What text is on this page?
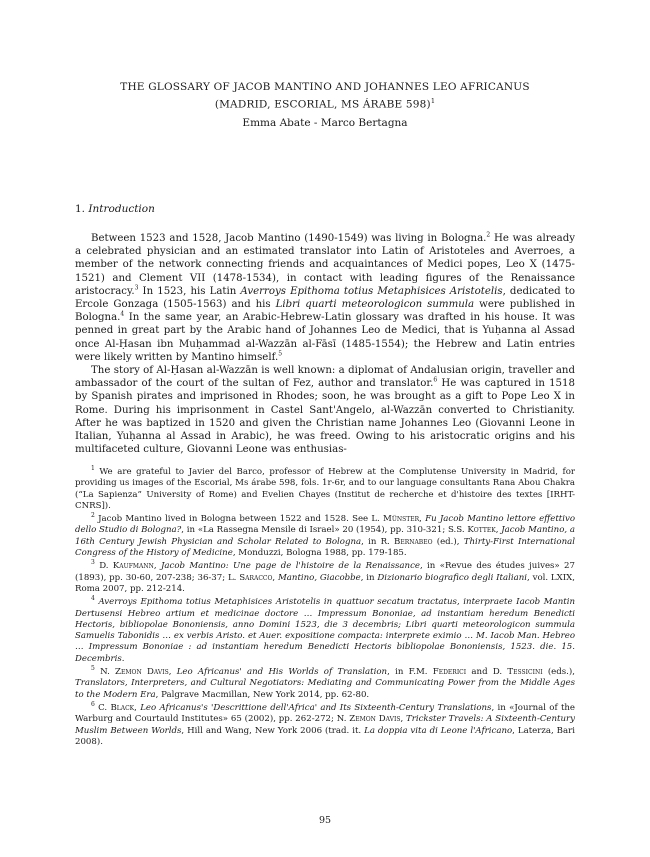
THE GLOSSARY OF JACOB MANTINO AND JOHANNES LEO AFRICANUS
(MADRID, ESCORIAL, MS ÁRABE 598)$^1$
Emma Abate - Marco Bertagna
1. Introduction

Between 1523 and 1528, Jacob Mantino (1490-1549) was living in Bologna.$^2$ He was already a celebrated physician and an estimated translator into Latin of Aristoteles and Averroes, a member of the network connecting friends and acquaintances of Medici popes, Leo X (1475-1521) and Clement VII (1478-1534), in contact with leading figures of the Renaissance aristocracy.$^3$ In 1523, his Latin Averroys Epithoma totius Metaphisices Aristotelis, dedicated to Ercole Gonzaga (1505-1563) and his Libri quarti meteorologicon summula were published in Bologna.$^4$ In the same year, an Arabic-Hebrew-Latin glossary was drafted in his house. It was penned in great part by the Arabic hand of Johannes Leo de Medici, that is Yuḥanna al Assad once Al-Ḥasan ibn Muḥammad al-Wazzān al-Fāsī (1485-1554); the Hebrew and Latin entries were likely written by Mantino himself.$^5$

The story of Al-Ḥasan al-Wazzān is well known: a diplomat of Andalusian origin, traveller and ambassador of the court of the sultan of Fez, author and translator.$^6$ He was captured in 1518 by Spanish pirates and imprisoned in Rhodes; soon, he was brought as a gift to Pope Leo X in Rome. During his imprisonment in Castel Sant'Angelo, al-Wazzān converted to Christianity. After he was baptized in 1520 and given the Christian name Johannes Leo (Giovanni Leone in Italian, Yuḥanna al Assad in Arabic), he was freed. Owing to his aristocratic origins and his multifaceted culture, Giovanni Leone was enthusias-

$^1$ We are grateful to Javier del Barco, professor of Hebrew at the Complutense University in Madrid, for providing us images of the Escorial, Ms árabe 598, fols. 1r-6r, and to our language consultants Rana Abou Chakra (“La Sapienza” University of Rome) and Evelien Chayes (Institut de recherche et d'histoire des textes [IRHT-CNRS]).

$^2$ Jacob Mantino lived in Bologna between 1522 and 1528. See L. Münster, Fu Jacob Mantino lettore effettivo dello Studio di Bologna?, in «La Rassegna Mensile di Israel» 20 (1954), pp. 310-321; S.S. Kottek, Jacob Mantino, a 16th Century Jewish Physician and Scholar Related to Bologna, in R. Bernabeo (ed.), Thirty-First International Congress of the History of Medicine, Monduzzi, Bologna 1988, pp. 179-185.

$^3$ D. Kaufmann, Jacob Mantino: Une page de l'histoire de la Renaissance, in «Revue des études juives» 27 (1893), pp. 30-60, 207-238; 36-37; L. Saracco, Mantino, Giacobbe, in Dizionario biografico degli Italiani, vol. LXIX, Roma 2007, pp. 212-214.

$^4$ Averroys Epithoma totius Metaphisices Aristotelis in quattuor secatum tractatus, interpraete Iacob Mantin Dertusensi Hebreo artium et medicinae doctore … Impressum Bononiae, ad instantiam heredum Benedicti Hectoris, bibliopolae Bononiensis, anno Domini 1523, die 3 decembris; Libri quarti meteorologicon summula Samuelis Tabonidis … ex verbis Aristo. et Auer. expositione compacta: interprete eximio … M. Iacob Man. Hebreo … Impressum Bononiae : ad instantiam heredum Benedicti Hectoris bibliopolae Bononiensis, 1523. die. 15. Decembris.

$^5$ N. Zemon Davis, Leo Africanus' and His Worlds of Translation, in F.M. Federici and D. Tessicini (eds.), Translators, Interpreters, and Cultural Negotiators: Mediating and Communicating Power from the Middle Ages to the Modern Era, Palgrave Macmillan, New York 2014, pp. 62-80.

$^6$ C. Black, Leo Africanus's 'Descrittione dell'Africa' and Its Sixteenth-Century Translations, in «Journal of the Warburg and Courtauld Institutes» 65 (2002), pp. 262-272; N. Zemon Davis, Trickster Travels: A Sixteenth-Century Muslim Between Worlds, Hill and Wang, New York 2006 (trad. it. La doppia vita di Leone l'Africano, Laterza, Bari 2008).

95
